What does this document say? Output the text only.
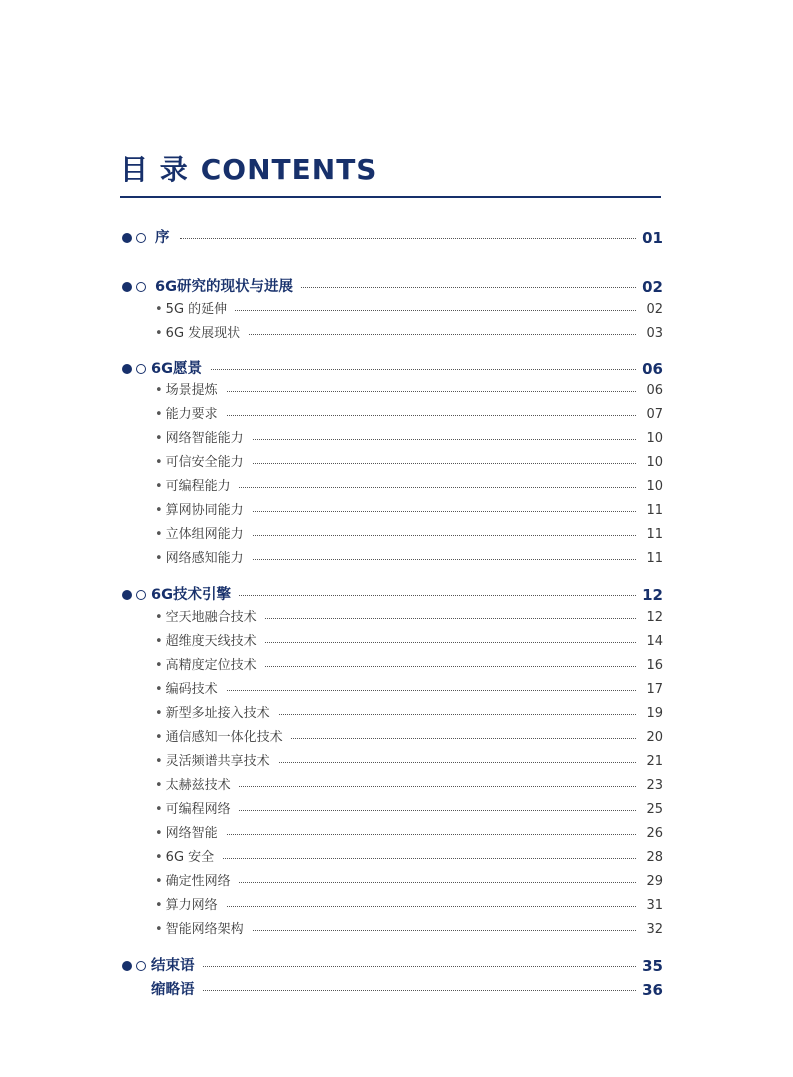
目 录 CONTENTS
序	01
6G研究的现状与进展	02
• 5G 的延伸	02
• 6G 发展现状	03
6G愿景	06
• 场景提炼	06
• 能力要求	07
• 网络智能能力	10
• 可信安全能力	10
• 可编程能力	10
• 算网协同能力	11
• 立体组网能力	11
• 网络感知能力	11
6G技术引擎	12
• 空天地融合技术	12
• 超维度天线技术	14
• 高精度定位技术	16
• 编码技术	17
• 新型多址接入技术	19
• 通信感知一体化技术	20
• 灵活频谱共享技术	21
• 太赫兹技术	23
• 可编程网络	25
• 网络智能	26
• 6G 安全	28
• 确定性网络	29
• 算力网络	31
• 智能网络架构	32
结束语	35
缩略语	36
